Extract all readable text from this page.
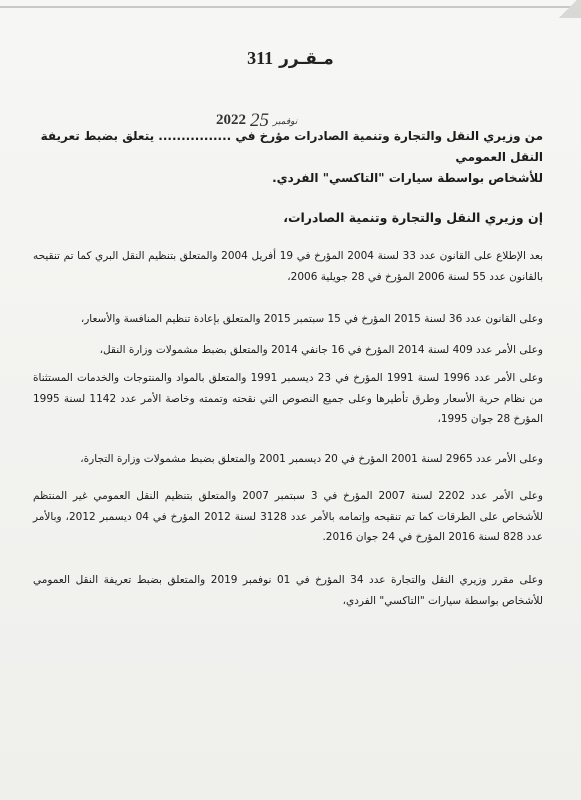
مـقـرر 311
2022	نوفمبر25
من وزيري النقل والتجارة وتنمية الصادرات مؤرخ في ................ يتعلق بضبط تعريفة النقل العمومي
للأشخاص بواسطة سيارات "التاكسي" الفردي.
إن وزيري النقل والتجارة وتنمية الصادرات،
بعد الإطلاع على القانون عدد 33 لسنة 2004 المؤرخ في 19 أفريل 2004 والمتعلق بتنظيم النقل البري كما تم تنقيحه بالقانون عدد 55 لسنة 2006 المؤرخ في 28 جويلية 2006،
وعلى القانون عدد 36 لسنة 2015 المؤرخ في 15 سبتمبر 2015 والمتعلق بإعادة تنظيم المنافسة والأسعار،
وعلى الأمر عدد 409 لسنة 2014 المؤرخ في 16 جانفي 2014 والمتعلق بضبط مشمولات وزارة النقل،
وعلى الأمر عدد 1996 لسنة 1991 المؤرخ في 23 ديسمبر 1991 والمتعلق بالمواد والمنتوجات والخدمات المستثناة من نظام حرية الأسعار وطرق تأطيرها وعلى جميع النصوص التي نقحته وتممته وخاصة الأمر عدد 1142 لسنة 1995 المؤرخ 28 جوان 1995،
وعلى الأمر عدد 2965 لسنة 2001 المؤرخ في 20 ديسمبر 2001 والمتعلق بضبط مشمولات وزارة التجارة،
وعلى الأمر عدد 2202 لسنة 2007 المؤرخ في 3 سبتمبر 2007 والمتعلق بتنظيم النقل العمومي غير المنتظم للأشخاص على الطرقات كما تم تنقيحه وإتمامه بالأمر عدد 3128 لسنة 2012 المؤرخ في 04 ديسمبر 2012، وبالأمر عدد 828 لسنة 2016 المؤرخ في 24 جوان 2016.
وعلى مقرر وزيري النقل والتجارة عدد 34 المؤرخ في 01 نوفمبر 2019 والمتعلق بضبط تعريفة النقل العمومي للأشخاص بواسطة سيارات "التاكسي" الفردي،
